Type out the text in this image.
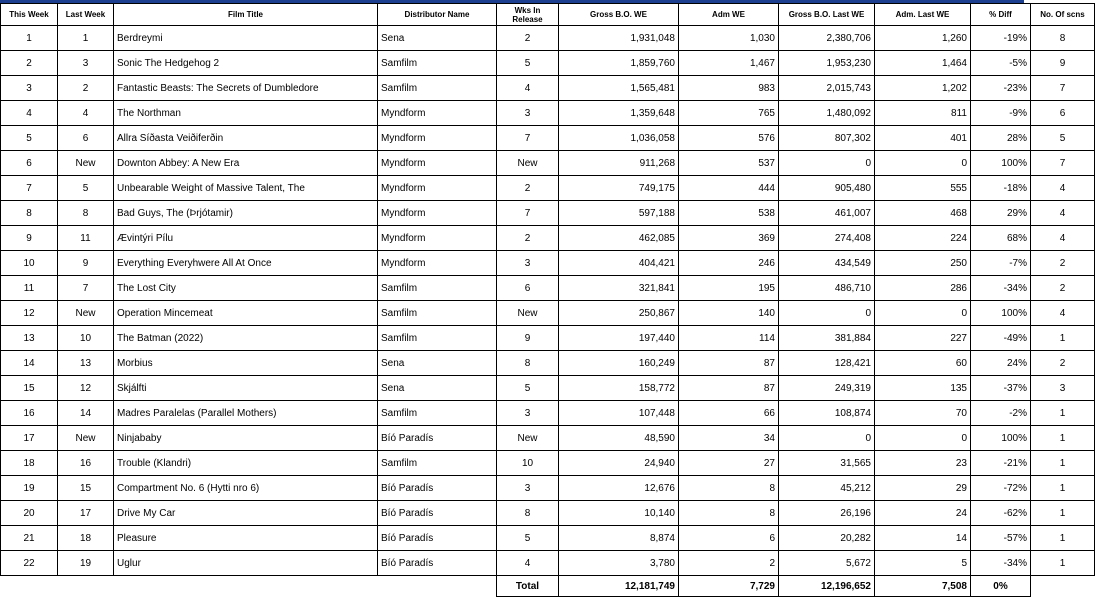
This Week	Last Week	Film Title	Distributor Name	Wks In Release	Gross B.O. WE	Adm WE	Gross B.O. Last WE	Adm. Last WE	% Diff	No. Of scns
1	1	Berdreymi	Sena	2	1,931,048	1,030	2,380,706	1,260	-19%	8
2	3	Sonic The Hedgehog 2	Samfilm	5	1,859,760	1,467	1,953,230	1,464	-5%	9
3	2	Fantastic Beasts: The Secrets of Dumbledore	Samfilm	4	1,565,481	983	2,015,743	1,202	-23%	7
4	4	The Northman	Myndform	3	1,359,648	765	1,480,092	811	-9%	6
5	6	Allra Síðasta Veiðiferðin	Myndform	7	1,036,058	576	807,302	401	28%	5
6	New	Downton Abbey: A New Era	Myndform	New	911,268	537	0	0	100%	7
7	5	Unbearable Weight of Massive Talent, The	Myndform	2	749,175	444	905,480	555	-18%	4
8	8	Bad Guys, The (Þrjótamir)	Myndform	7	597,188	538	461,007	468	29%	4
9	11	Ævintýri Pílu	Myndform	2	462,085	369	274,408	224	68%	4
10	9	Everything Everyhwere All At Once	Myndform	3	404,421	246	434,549	250	-7%	2
11	7	The Lost City	Samfilm	6	321,841	195	486,710	286	-34%	2
12	New	Operation Mincemeat	Samfilm	New	250,867	140	0	0	100%	4
13	10	The Batman (2022)	Samfilm	9	197,440	114	381,884	227	-49%	1
14	13	Morbius	Sena	8	160,249	87	128,421	60	24%	2
15	12	Skjálfti	Sena	5	158,772	87	249,319	135	-37%	3
16	14	Madres Paralelas (Parallel Mothers)	Samfilm	3	107,448	66	108,874	70	-2%	1
17	New	Ninjababy	Bíó Paradís	New	48,590	34	0	0	100%	1
18	16	Trouble (Klandri)	Samfilm	10	24,940	27	31,565	23	-21%	1
19	15	Compartment No. 6 (Hytti nro 6)	Bíó Paradís	3	12,676	8	45,212	29	-72%	1
20	17	Drive My Car	Bíó Paradís	8	10,140	8	26,196	24	-62%	1
21	18	Pleasure	Bíó Paradís	5	8,874	6	20,282	14	-57%	1
22	19	Uglur	Bíó Paradís	4	3,780	2	5,672	5	-34%	1
				Total	12,181,749	7,729	12,196,652	7,508	0%	
